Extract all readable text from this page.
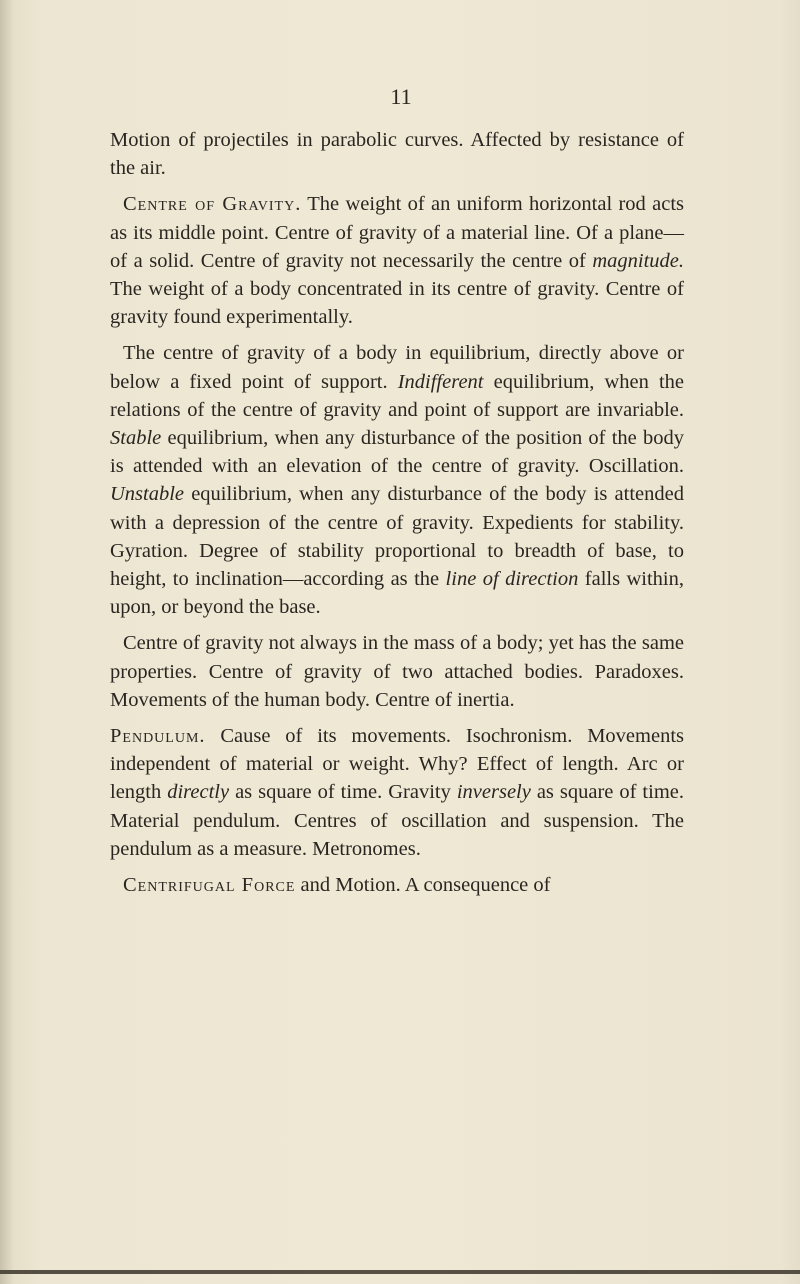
11

Motion of projectiles in parabolic curves. Affected by resistance of the air.

Centre of Gravity. The weight of an uniform horizontal rod acts as its middle point. Centre of gravity of a material line. Of a plane—of a solid. Centre of gravity not necessarily the centre of magnitude. The weight of a body concentrated in its centre of gravity. Centre of gravity found experimentally.

The centre of gravity of a body in equilibrium, directly above or below a fixed point of support. Indifferent equilibrium, when the relations of the centre of gravity and point of support are invariable. Stable equilibrium, when any disturbance of the position of the body is attended with an elevation of the centre of gravity. Oscillation. Unstable equilibrium, when any disturbance of the body is attended with a depression of the centre of gravity. Expedients for stability. Gyration. Degree of stability proportional to breadth of base, to height, to inclination—according as the line of direction falls within, upon, or beyond the base.

Centre of gravity not always in the mass of a body; yet has the same properties. Centre of gravity of two attached bodies. Paradoxes. Movements of the human body. Centre of inertia.

Pendulum. Cause of its movements. Isochronism. Movements independent of material or weight. Why? Effect of length. Arc or length directly as square of time. Gravity inversely as square of time. Material pendulum. Centres of oscillation and suspension. The pendulum as a measure. Metronomes.

Centrifugal Force and Motion. A consequence of
